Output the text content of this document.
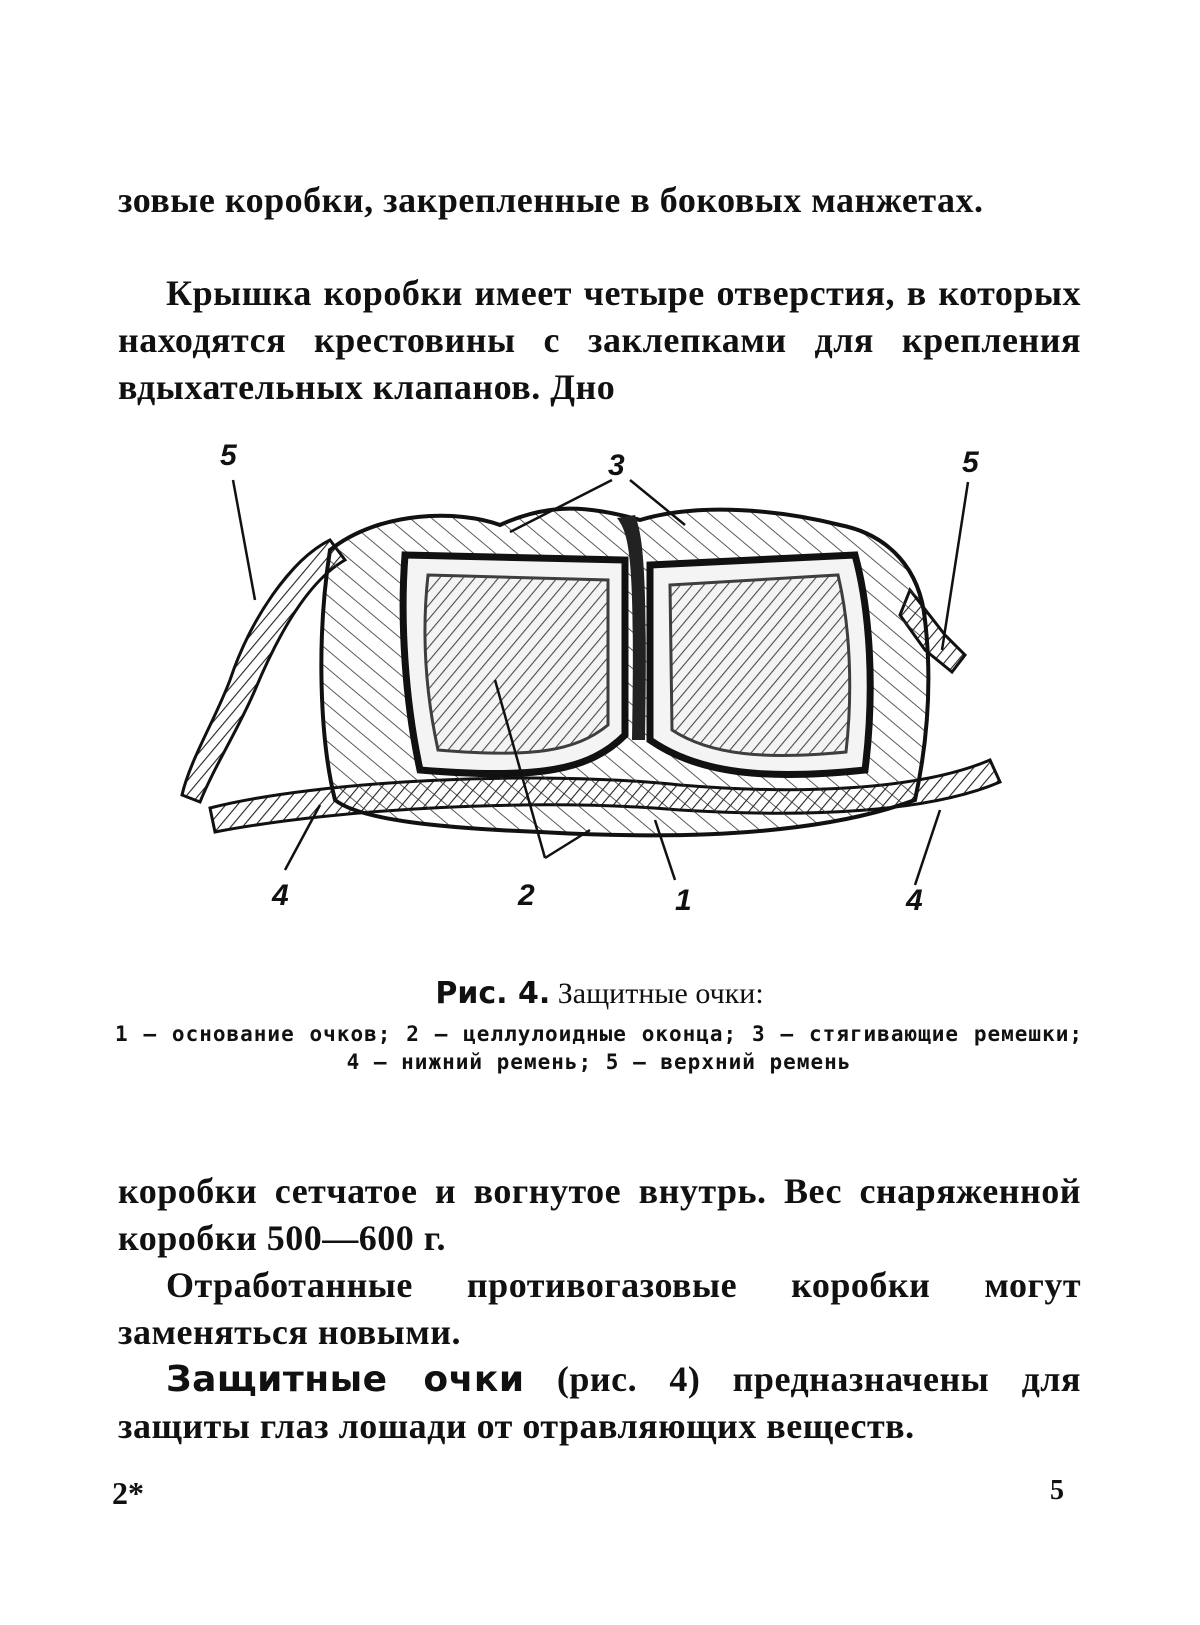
зовые коробки, закрепленные в боковых манжетах.
Крышка коробки имеет четыре отверстия, в которых находятся крестовины с заклепками для крепления вдыхательных клапанов. Дно
5	3	5
4	2	1	4
Рис. 4. Защитные очки:
1 — основание очков; 2 — целлулоидные оконца; 3 — стягивающие ремешки; 4 — нижний ремень; 5 — верхний ремень
коробки сетчатое и вогнутое внутрь. Вес снаряженной коробки 500—600 г.
Отработанные противогазовые коробки могут заменяться новыми.
Защитные очки (рис. 4) предназначены для защиты глаз лошади от отравляющих веществ.
2*	5
